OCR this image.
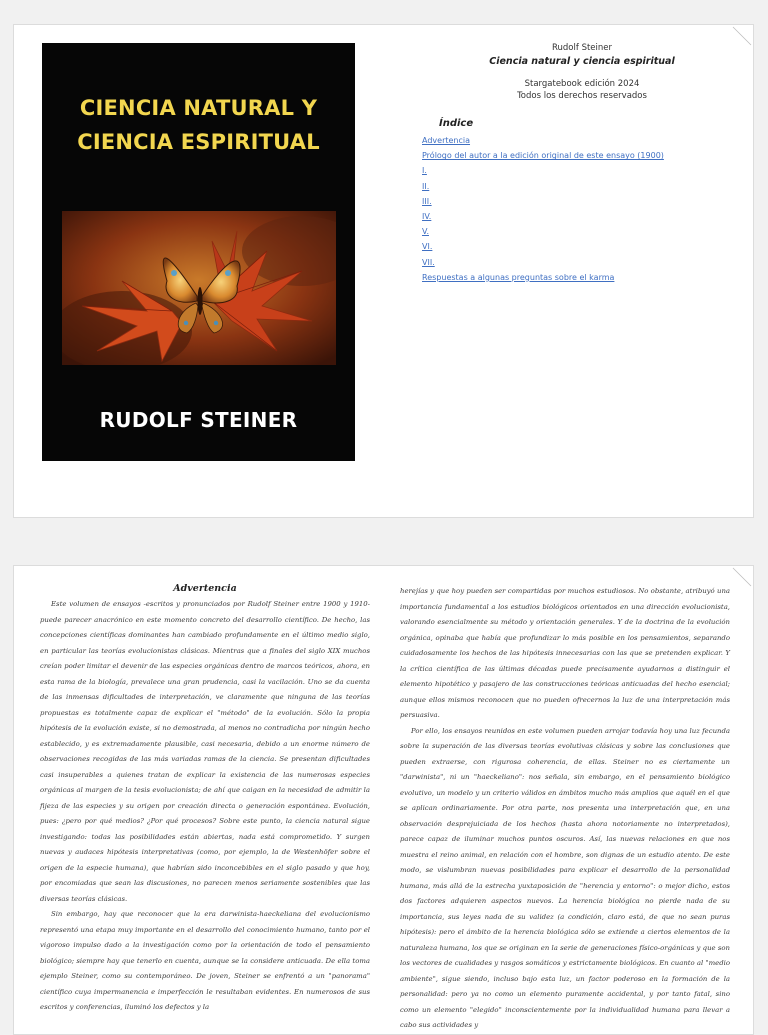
CIENCIA NATURAL Y
CIENCIA ESPIRITUAL
RUDOLF STEINER
Rudolf Steiner
Ciencia natural y ciencia espiritual
Stargatebook edición 2024
Todos los derechos reservados
Índice
Advertencia
Prólogo del autor a la edición original de este ensayo (1900)
I.
II.
III.
IV.
V.
VI.
VII.
Respuestas a algunas preguntas sobre el karma
Advertencia

Este volumen de ensayos -escritos y pronunciados por Rudolf Steiner entre 1900 y 1910- puede parecer anacrónico en este momento concreto del desarrollo científico. De hecho, las concepciones científicas dominantes han cambiado profundamente en el último medio siglo, en particular las teorías evolucionistas clásicas. Mientras que a finales del siglo XIX muchos creían poder limitar el devenir de las especies orgánicas dentro de marcos teóricos, ahora, en esta rama de la biología, prevalece una gran prudencia, casi la vacilación. Uno se da cuenta de las inmensas dificultades de interpretación, ve claramente que ninguna de las teorías propuestas es totalmente capaz de explicar el "método" de la evolución. Sólo la propia hipótesis de la evolución existe, si no demostrada, al menos no contradicha por ningún hecho establecido, y es extremadamente plausible, casi necesaria, debido a un enorme número de observaciones recogidas de las más variadas ramas de la ciencia. Se presentan dificultades casi insuperables a quienes tratan de explicar la existencia de las numerosas especies orgánicas al margen de la tesis evolucionista; de ahí que caigan en la necesidad de admitir la fijeza de las especies y su origen por creación directa o generación espontánea. Evolución, pues: ¿pero por qué medios? ¿Por qué procesos? Sobre este punto, la ciencia natural sigue investigando: todas las posibilidades están abiertas, nada está comprometido. Y surgen nuevas y audaces hipótesis interpretativas (como, por ejemplo, la de Westenhöfer sobre el origen de la especie humana), que habrían sido inconcebibles en el siglo pasado y que hoy, por encomiadas que sean las discusiones, no parecen menos seriamente sostenibles que las diversas teorías clásicas.

Sin embargo, hay que reconocer que la era darwinista-haeckeliana del evolucionismo representó una etapa muy importante en el desarrollo del conocimiento humano, tanto por el vigoroso impulso dado a la investigación como por la orientación de todo el pensamiento biológico; siempre hay que tenerlo en cuenta, aunque se la considere anticuada. De ella toma ejemplo Steiner, como su contemporáneo. De joven, Steiner se enfrentó a un "panorama" científico cuya impermanencia e imperfección le resultaban evidentes. En numerosos de sus escritos y conferencias, iluminó los defectos y la

herejías y que hoy pueden ser compartidas por muchos estudiosos. No obstante, atribuyó una importancia fundamental a los estudios biológicos orientados en una dirección evolucionista, valorando esencialmente su método y orientación generales. Y de la doctrina de la evolución orgánica, opinaba que había que profundizar lo más posible en los pensamientos, separando cuidadosamente los hechos de las hipótesis innecesarias con las que se pretenden explicar. Y la crítica científica de las últimas décadas puede precisamente ayudarnos a distinguir el elemento hipotético y pasajero de las construcciones teóricas anticuadas del hecho esencial; aunque ellos mismos reconocen que no pueden ofrecernos la luz de una interpretación más persuasiva.

Por ello, los ensayos reunidos en este volumen pueden arrojar todavía hoy una luz fecunda sobre la superación de las diversas teorías evolutivas clásicas y sobre las conclusiones que pueden extraerse, con rigurosa coherencia, de ellas. Steiner no es ciertamente un "darwinista", ni un "haeckeliano": nos señala, sin embargo, en el pensamiento biológico evolutivo, un modelo y un criterio válidos en ámbitos mucho más amplios que aquél en el que se aplican ordinariamente. Por otra parte, nos presenta una interpretación que, en una observación desprejuiciada de los hechos (hasta ahora notoriamente no interpretados), parece capaz de iluminar muchos puntos oscuros. Así, las nuevas relaciones en que nos muestra el reino animal, en relación con el hombre, son dignas de un estudio atento. De este modo, se vislumbran nuevas posibilidades para explicar el desarrollo de la personalidad humana, más allá de la estrecha yuxtaposición de "herencia y entorno": o mejor dicho, estos dos factores adquieren aspectos nuevos. La herencia biológica no pierde nada de su importancia, sus leyes nada de su validez (a condición, claro está, de que no sean puras hipótesis): pero el ámbito de la herencia biológica sólo se extiende a ciertos elementos de la naturaleza humana, los que se originan en la serie de generaciones físico-orgánicas y que son los vectores de cualidades y rasgos somáticos y estrictamente biológicos. En cuanto al "medio ambiente", sigue siendo, incluso bajo esta luz, un factor poderoso en la formación de la personalidad: pero ya no como un elemento puramente accidental, y por tanto fatal, sino como un elemento "elegido" inconscientemente por la individualidad humana para llevar a cabo sus actividades y
